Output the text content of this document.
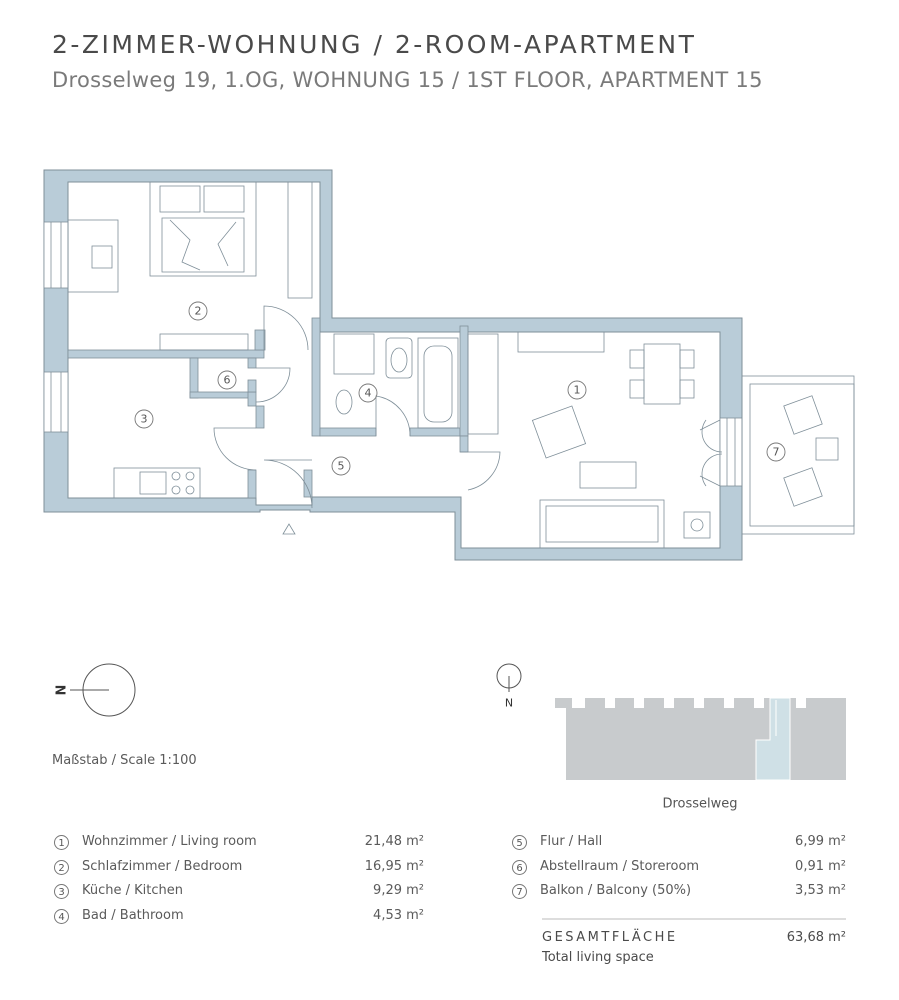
2-ZIMMER-WOHNUNG / 2-ROOM-APARTMENT
Drosselweg 19, 1.OG, WOHNUNG 15 / 1ST FLOOR, APARTMENT 15
1
2
3
4
5
6
7
N
N
Drosselweg
Maßstab / Scale 1:100
1	Wohnzimmer / Living room	21,48 m²
2	Schlafzimmer / Bedroom	16,95 m²
3	Küche / Kitchen	9,29 m²
4	Bad / Bathroom	4,53 m²
5	Flur / Hall	6,99 m²
6	Abstellraum / Storeroom	0,91 m²
7	Balkon / Balcony (50%)	3,53 m²
GESAMTFLÄCHE
Total living space
63,68 m²
